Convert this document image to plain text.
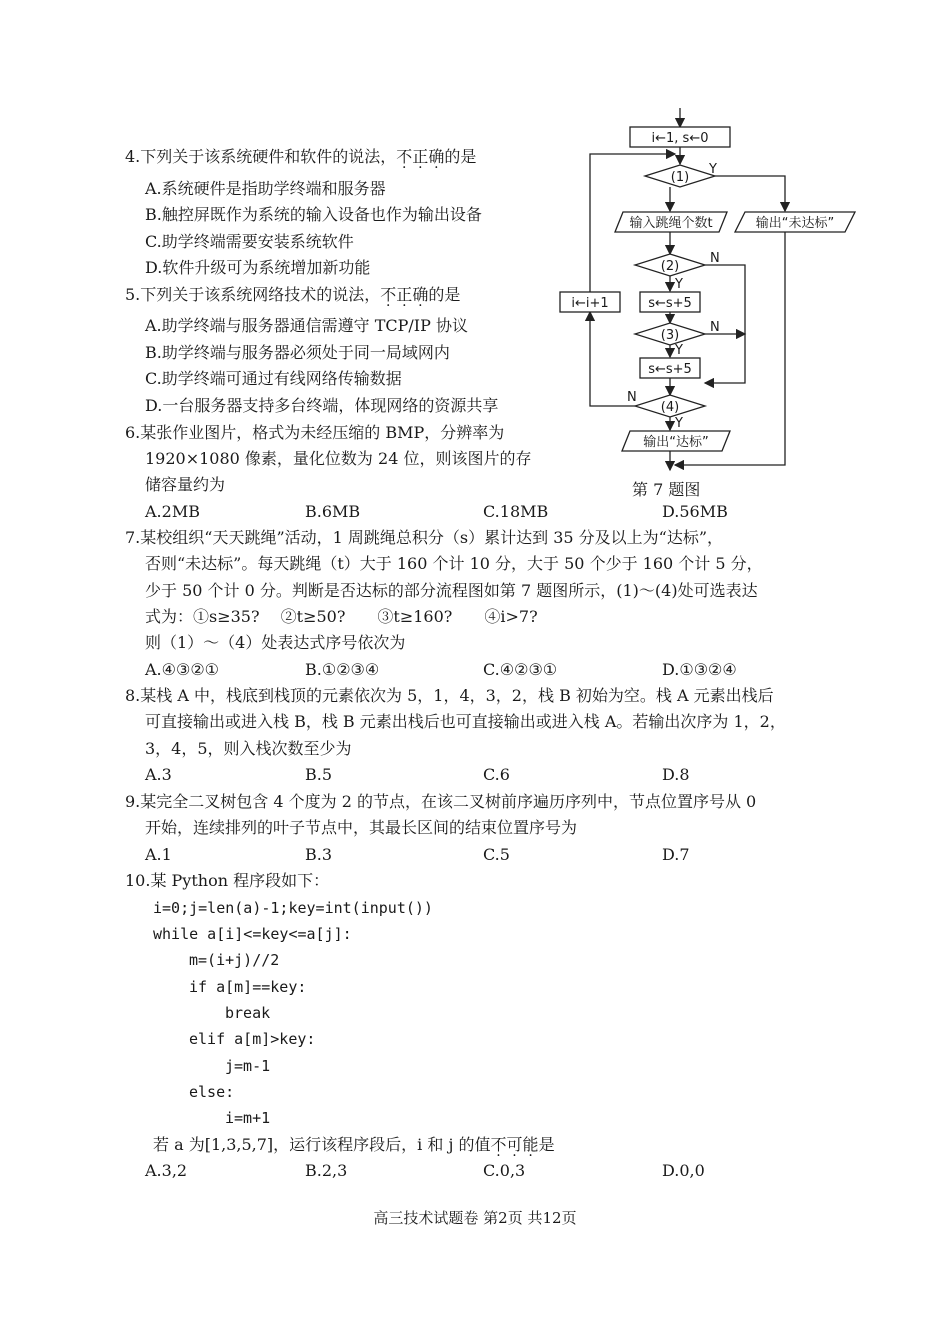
4.下列关于该系统硬件和软件的说法，不正确的是
A.系统硬件是指助学终端和服务器
B.触控屏既作为系统的输入设备也作为输出设备
C.助学终端需要安装系统软件
D.软件升级可为系统增加新功能
5.下列关于该系统网络技术的说法，不正确的是
A.助学终端与服务器通信需遵守 TCP/IP 协议
B.助学终端与服务器必须处于同一局域网内
C.助学终端可通过有线网络传输数据
D.一台服务器支持多台终端，体现网络的资源共享
6.某张作业图片，格式为未经压缩的 BMP，分辨率为
1920×1080 像素，量化位数为 24 位，则该图片的存
储容量约为
A.2MB	B.6MB	C.18MB	D.56MB
i←1, s←0
(1)
Y
输出“未达标”
输入跳绳个数t
(2)
N
Y
s←s+5
(3)
N
Y
s←s+5
(4)
N
Y
i←i+1
输出“达标”
第 7 题图
7.某校组织“天天跳绳”活动，1 周跳绳总积分（s）累计达到 35 分及以上为“达标”，
否则“未达标”。每天跳绳（t）大于 160 个计 10 分，大于 50 个少于 160 个计 5 分，
少于 50 个计 0 分。判断是否达标的部分流程图如第 7 题图所示，(1)～(4)处可选表达
式为：①s≥35?　 ②t≥50?　　③t≥160?　　④i>7?
则（1）～（4）处表达式序号依次为
A.④③②①	B.①②③④	C.④②③①	D.①③②④
8.某栈 A 中，栈底到栈顶的元素依次为 5，1，4，3，2，栈 B 初始为空。栈 A 元素出栈后
可直接输出或进入栈 B，栈 B 元素出栈后也可直接输出或进入栈 A。若输出次序为 1，2，
3，4，5，则入栈次数至少为
A.3	B.5	C.6	D.8
9.某完全二叉树包含 4 个度为 2 的节点，在该二叉树前序遍历序列中，节点位置序号从 0
开始，连续排列的叶子节点中，其最长区间的结束位置序号为
A.1	B.3	C.5	D.7
10.某 Python 程序段如下：
i=0;j=len(a)-1;key=int(input())
while a[i]<=key<=a[j]:
m=(i+j)//2
if a[m]==key:
break
elif a[m]>key:
j=m-1
else:
i=m+1
若 a 为[1,3,5,7]，运行该程序段后，i 和 j 的值不可能是
A.3,2	B.2,3	C.0,3	D.0,0
高三技术试题卷 第2页 共12页
